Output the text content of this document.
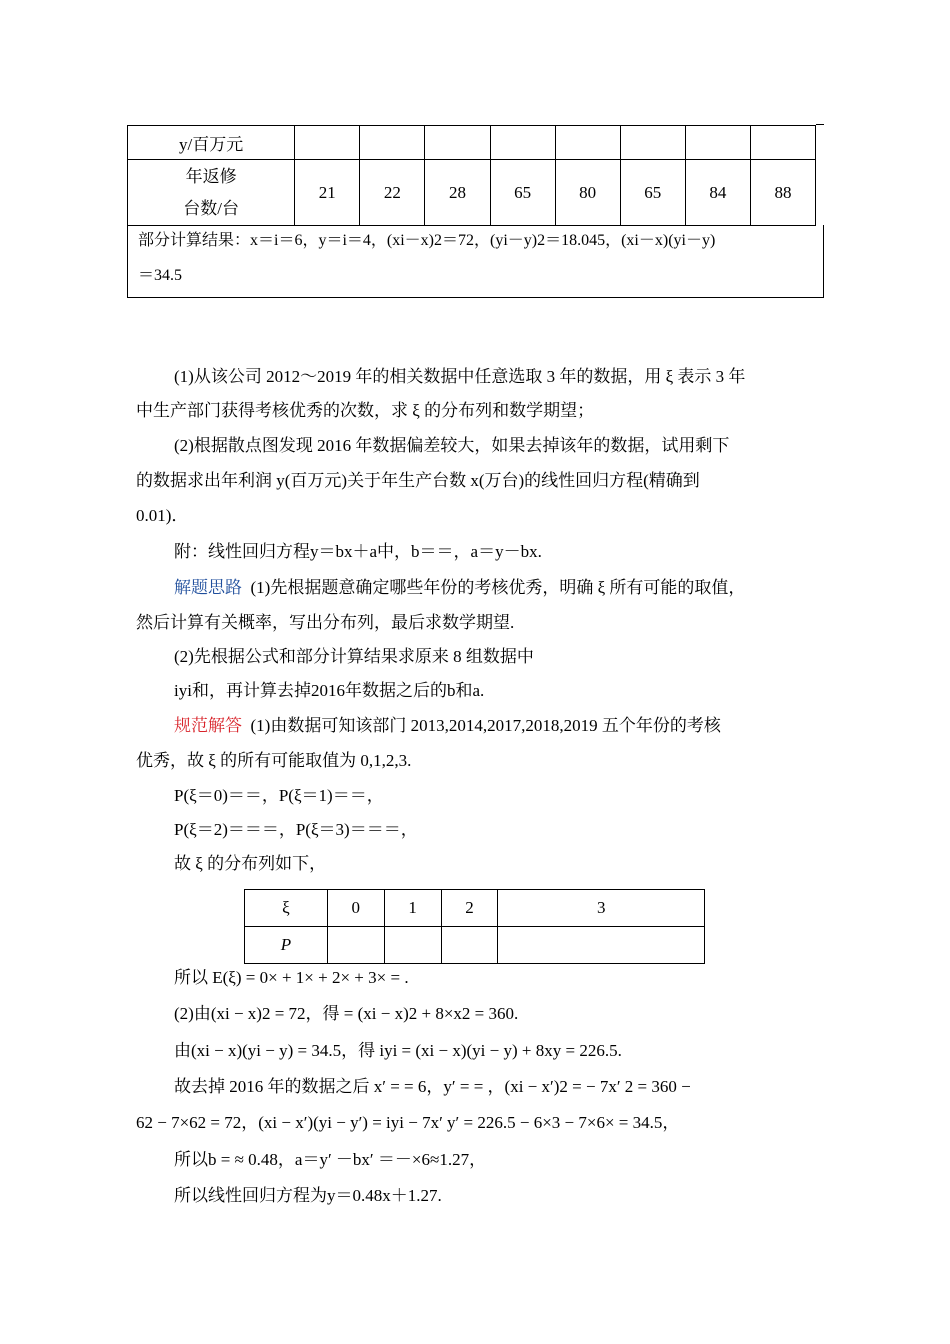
y/百万元								

年返修
台数/台	21	22	28	65	80	65	84	88
部分计算结果：x＝i＝6，y＝i＝4，(xi－x)2＝72，(yi－y)2＝18.045，(xi－x)(yi－y)
＝34.5
(1)从该公司 2012～2019 年的相关数据中任意选取 3 年的数据，用 ξ 表示 3 年
中生产部门获得考核优秀的次数，求 ξ 的分布列和数学期望；
(2)根据散点图发现 2016 年数据偏差较大，如果去掉该年的数据，试用剩下
的数据求出年利润 y(百万元)关于年生产台数 x(万台)的线性回归方程(精确到
0.01)．
附：线性回归方程y＝bx＋a中，b＝＝，a＝y－bx.
解题思路 (1)先根据题意确定哪些年份的考核优秀，明确 ξ 所有可能的取值，
然后计算有关概率，写出分布列，最后求数学期望.
(2)先根据公式和部分计算结果求原来 8 组数据中
iyi和，再计算去掉2016年数据之后的b和a.
规范解答 (1)由数据可知该部门 2013,2014,2017,2018,2019 五个年份的考核
优秀，故 ξ 的所有可能取值为 0,1,2,3.
P(ξ＝0)＝＝，P(ξ＝1)＝＝，
P(ξ＝2)＝＝＝，P(ξ＝3)＝＝＝，
故 ξ 的分布列如下，
ξ	0	1	2	3
P				
所以 E(ξ) = 0× + 1× + 2× + 3× = .
(2)由(xi − x)2 = 72，得 = (xi − x)2 + 8×x2 = 360.
由(xi − x)(yi − y) = 34.5，得 iyi = (xi − x)(yi − y) + 8xy = 226.5.
故去掉 2016 年的数据之后 x′ = = 6，y′ = = ，(xi − x′)2 = − 7x′ 2 = 360 −
62 − 7×62 = 72，(xi − x′)(yi − y′) = iyi − 7x′ y′ = 226.5 − 6×3 − 7×6× = 34.5，
所以b = ≈ 0.48，a＝y′ －bx′ ＝－×6≈1.27，
所以线性回归方程为y＝0.48x＋1.27.
